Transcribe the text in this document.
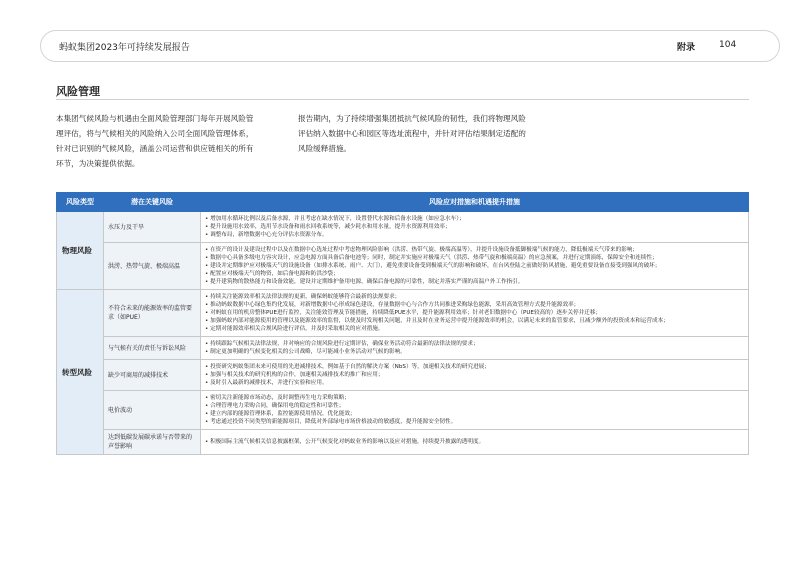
蚂蚁集团2023年可持续发展报告	附录	104
风险管理

本集团气候风险与机遇由全面风险管理部门每年开展风险管理评估，将与气候相关的风险纳入公司全面风险管理体系，针对已识别的气候风险，涵盖公司运营和供应链相关的所有环节，为决策提供依据。

报告期内，为了持续增强集团抵抗气候风险的韧性，我们将物理风险评估纳入数据中心和园区等选址流程中，并针对评估结果制定适配的风险缓释措施。

风险类型	潜在关键风险	风险应对措施和机遇提升措施
物理风险	水压力及干旱	• 增加用水循环比例以及后备水源，并且考虑在缺水情况下，设置替代水源和后备水设施（如应急水车）；
• 提升设施用水效率，选用节水设备和雨水回收系统等，减少耗水和用水量，提升水资源利用效率；
• 调整布局，新增数据中心充分评估水资源分布。

	洪涝、热带气旋、极端高温	• 在资产的设计及建设过程中以及在数据中心选址过程中考虑物理风险影响（洪涝、热带气旋、极端高温等），并提升设施设备抵御极端气候的能力，降低极端天气带来的影响；
• 数据中心具备多级电力容灾设计，应急电源方面具备后备电池等；同时，制定并实施应对极端天气（洪涝、热带气旋和极端高温）的应急预案，并进行定期演练，保障安全和连续性；
• 建设并定期维护应对极端天气的设施设备（如排水系统、雨户、大门），避免重要设备受到极端天气的影响和破坏，在台风登陆之前做好防风措施，避免重要设备直接受到强风的破坏；
• 配置应对极端天气的物资，如后备电源和防洪沙袋；
• 提升建筑物的散热能力和设备效能，建设并定期维护备用电源，确保后备电源的可靠性，制定并落实严谨的高温户外工作指引。

转型风险	不符合未来的能源效率的监管要求（如PUE）	• 持续关注能源效率相关法律法规的更新，确保蚂蚁能够符合最新的法规要求；
• 推动蚂蚁数据中心绿色集约化发展，对新增数据中心形成绿色建设，存量数据中心与合作方共同推进采购绿色能源，采用高效管理方式提升能源效率；
• 对蚂蚁在用的机房整体PUE进行监控，关注能效管理及节能措施，持续降低PUE水平，提升能源利用效率；针对老旧数据中心（PUE较高的）逐步关停并迁移；
• 加强蚂蚁内部对能源使用的管理以及能源效率的监督，以便及时发现相关问题，并且及时在业务运营中提升能源效率的机会，以满足未来的监管要求，且减少额外的投资成本和运营成本；
• 定期对能源效率相关合规风险进行评估，并及时采取相关的应对措施。

	与气候有关的责任与诉讼风险	• 持续跟踪气候相关法律法规，并对响应的合规风险进行定期评估，确保业务活动符合最新的法律法规的要求；
• 制定更加明确的气候变化相关的公司战略，尽可能减小业务活动对气候的影响。

	缺少可商用的减排技术	• 投资研究蚂蚁集团未来可使用的先进减排技术，例如基于自然的解决方案（NbS）等，加速相关技术的研究进展；
• 加强与相关技术的研究机构的合作，加速相关减排技术的推广和应用；
• 及时引入最新的减排技术，并进行实验和应用。

	电价波动	• 密切关注新能源市场动态，及时调整再生电力采购策略；
• 合理管理电力采购合同，确保用电的稳定性和可靠性；
• 建立内部的能源管理体系，监控能源使用情况，优化能效；
• 考虑通过投资不同类型的新能源项目，降低对外部绿电市场价格波动的敏感度，提升能源安全韧性。

	达到低碳发展碳承诺与否带来的声誉影响	• 积极国际主流气候相关信息披露框架，公开气候变化对蚂蚁业务的影响以及应对措施，持续提升披露的透明度。
